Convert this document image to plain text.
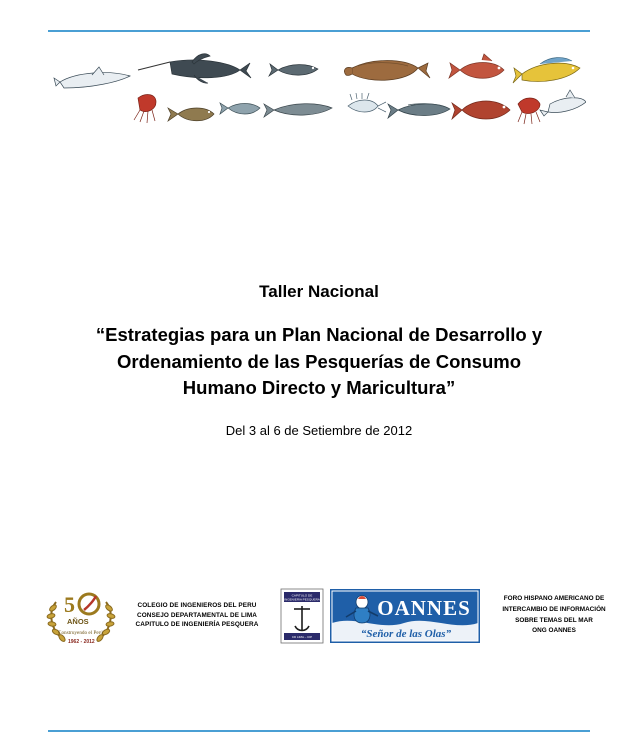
Taller Nacional

“Estrategias para un Plan Nacional de Desarrollo y
Ordenamiento de las Pesquerías de Consumo
Humano Directo y Maricultura”

Del 3 al 6 de Setiembre de 2012

5
AÑOS
Construyendo el Perú
1962 - 2012
COLEGIO DE INGENIEROS DEL PERU
CONSEJO DEPARTAMENTAL DE LIMA
CAPITULO DE INGENIERÍA PESQUERA
CAPITULO DE
INGENIERIA PESQUERA
CD LIMA – CIP
OANNES
“Señor de las Olas”
FORO HISPANO AMERICANO DE
INTERCAMBIO DE INFORMACIÓN
SOBRE TEMAS DEL MAR
ONG OANNES
